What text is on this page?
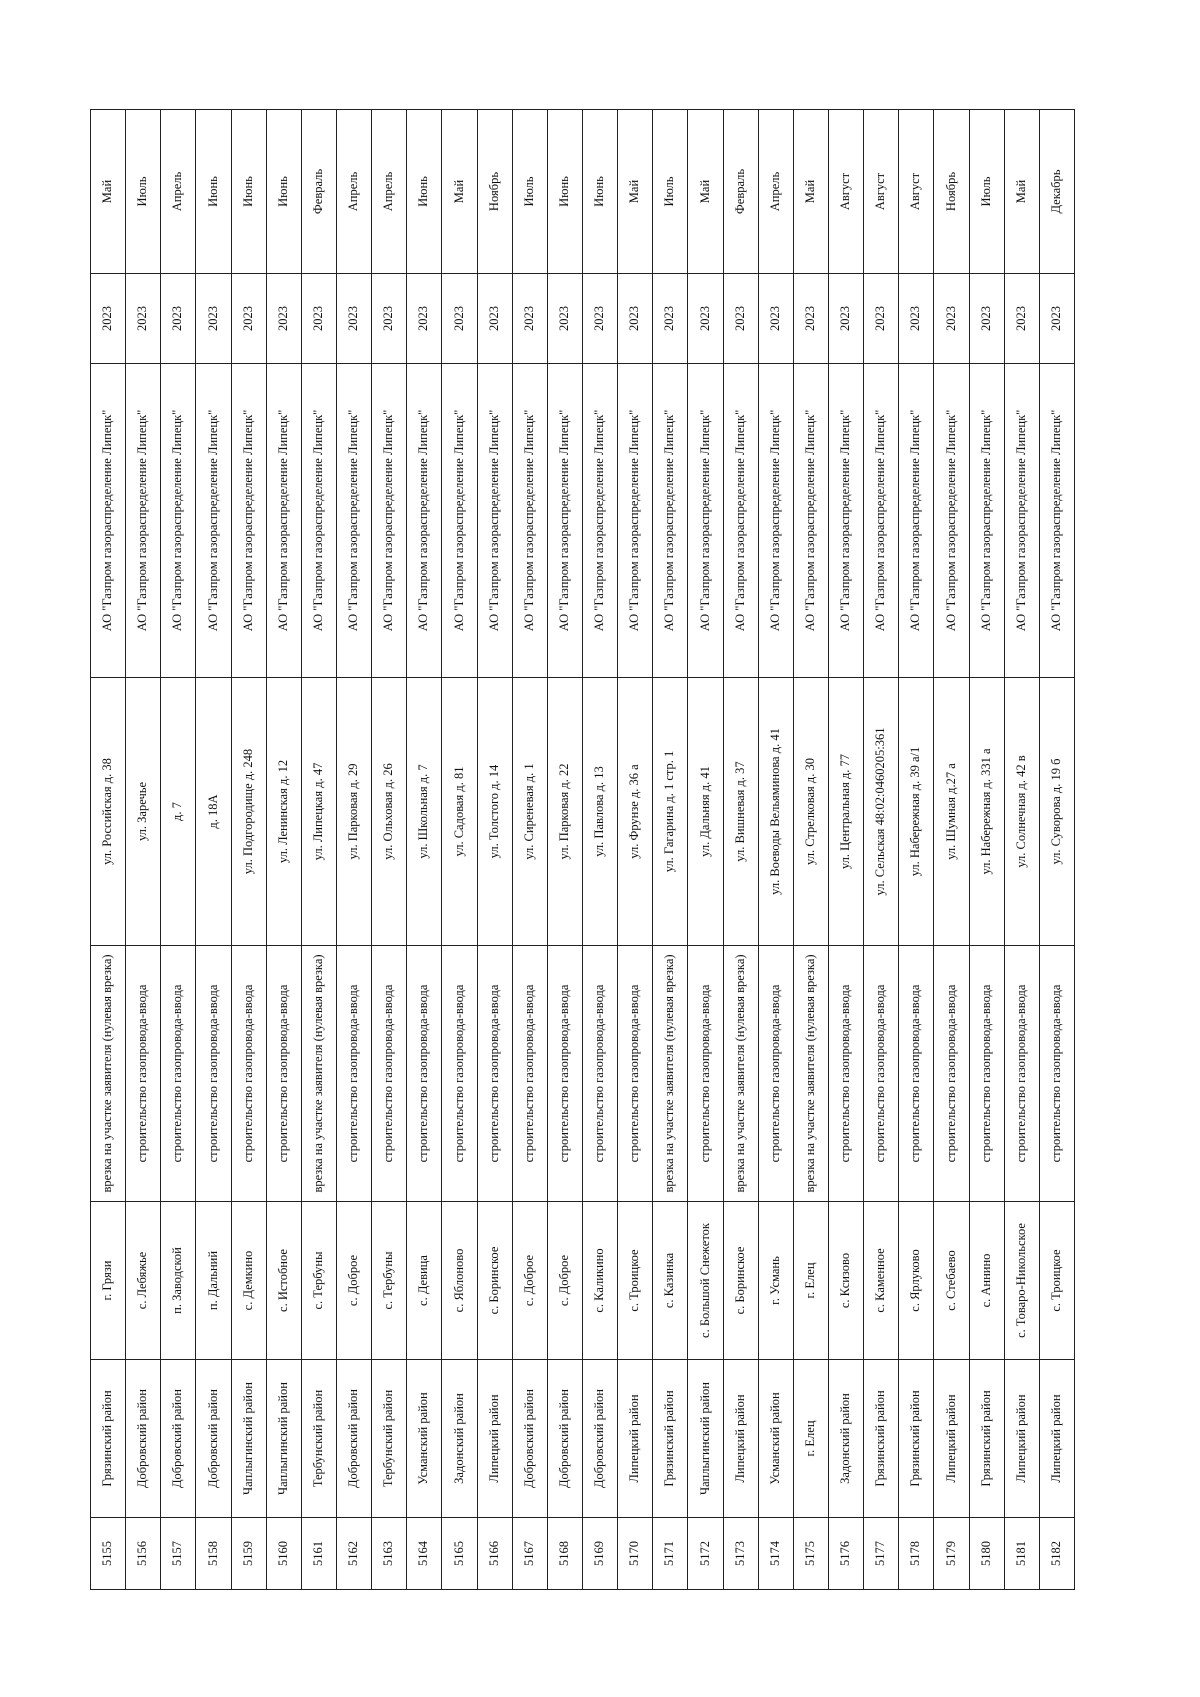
5155	Грязинский район	г. Грязи	врезка на участке заявителя (нулевая врезка)	ул. Российская д. 38	АО "Газпром газораспределение Липецк"	2023	Май
5156	Добровский район	с. Лебяжье	строительство газопровода-ввода	ул. Заречье	АО "Газпром газораспределение Липецк"	2023	Июль
5157	Добровский район	п. Заводской	строительство газопровода-ввода	д. 7	АО "Газпром газораспределение Липецк"	2023	Апрель
5158	Добровский район	п. Дальний	строительство газопровода-ввода	д. 18А	АО "Газпром газораспределение Липецк"	2023	Июнь
5159	Чаплыгинский район	с. Демкино	строительство газопровода-ввода	ул. Подгородище д. 248	АО "Газпром газораспределение Липецк"	2023	Июнь
5160	Чаплыгинский район	с. Истобное	строительство газопровода-ввода	ул. Ленинская д. 12	АО "Газпром газораспределение Липецк"	2023	Июнь
5161	Тербунский район	с. Тербуны	врезка на участке заявителя (нулевая врезка)	ул. Липецкая д. 47	АО "Газпром газораспределение Липецк"	2023	Февраль
5162	Добровский район	с. Доброе	строительство газопровода-ввода	ул. Парковая д. 29	АО "Газпром газораспределение Липецк"	2023	Апрель
5163	Тербунский район	с. Тербуны	строительство газопровода-ввода	ул. Ольховая д. 26	АО "Газпром газораспределение Липецк"	2023	Апрель
5164	Усманский район	с. Девица	строительство газопровода-ввода	ул. Школьная д. 7	АО "Газпром газораспределение Липецк"	2023	Июнь
5165	Задонский район	с. Яблоново	строительство газопровода-ввода	ул. Садовая д. 81	АО "Газпром газораспределение Липецк"	2023	Май
5166	Липецкий район	с. Боринское	строительство газопровода-ввода	ул. Толстого д. 14	АО "Газпром газораспределение Липецк"	2023	Ноябрь
5167	Добровский район	с. Доброе	строительство газопровода-ввода	ул. Сиреневая д. 1	АО "Газпром газораспределение Липецк"	2023	Июль
5168	Добровский район	с. Доброе	строительство газопровода-ввода	ул. Парковая д. 22	АО "Газпром газораспределение Липецк"	2023	Июнь
5169	Добровский район	с. Каликино	строительство газопровода-ввода	ул. Павлова д. 13	АО "Газпром газораспределение Липецк"	2023	Июнь
5170	Липецкий район	с. Троицкое	строительство газопровода-ввода	ул. Фрунзе д. 36 а	АО "Газпром газораспределение Липецк"	2023	Май
5171	Грязинский район	с. Казинка	врезка на участке заявителя (нулевая врезка)	ул. Гагарина д. 1 стр. 1	АО "Газпром газораспределение Липецк"	2023	Июль
5172	Чаплыгинский район	с. Большой Снежеток	строительство газопровода-ввода	ул. Дальняя д. 41	АО "Газпром газораспределение Липецк"	2023	Май
5173	Липецкий район	с. Боринское	врезка на участке заявителя (нулевая врезка)	ул. Вишневая д. 37	АО "Газпром газораспределение Липецк"	2023	Февраль
5174	Усманский район	г. Усмань	строительство газопровода-ввода	ул. Воеводы Вельяминова д. 41	АО "Газпром газораспределение Липецк"	2023	Апрель
5175	г. Елец	г. Елец	врезка на участке заявителя (нулевая врезка)	ул. Стрелковая д. 30	АО "Газпром газораспределение Липецк"	2023	Май
5176	Задонский район	с. Ксизово	строительство газопровода-ввода	ул. Центральная д. 77	АО "Газпром газораспределение Липецк"	2023	Август
5177	Грязинский район	с. Каменное	строительство газопровода-ввода	ул. Сельская 48:02:0460205:361	АО "Газпром газораспределение Липецк"	2023	Август
5178	Грязинский район	с. Ярлуково	строительство газопровода-ввода	ул. Набережная д. 39 а/1	АО "Газпром газораспределение Липецк"	2023	Август
5179	Липецкий район	с. Стебаево	строительство газопровода-ввода	ул. Шумная д.27 а	АО "Газпром газораспределение Липецк"	2023	Ноябрь
5180	Грязинский район	с. Аннино	строительство газопровода-ввода	ул. Набережная д. 331 а	АО "Газпром газораспределение Липецк"	2023	Июль
5181	Липецкий район	с. Товаро-Никольское	строительство газопровода-ввода	ул. Солнечная д. 42 в	АО "Газпром газораспределение Липецк"	2023	Май
5182	Липецкий район	с. Троицкое	строительство газопровода-ввода	ул. Суворова д. 19 б	АО "Газпром газораспределение Липецк"	2023	Декабрь
